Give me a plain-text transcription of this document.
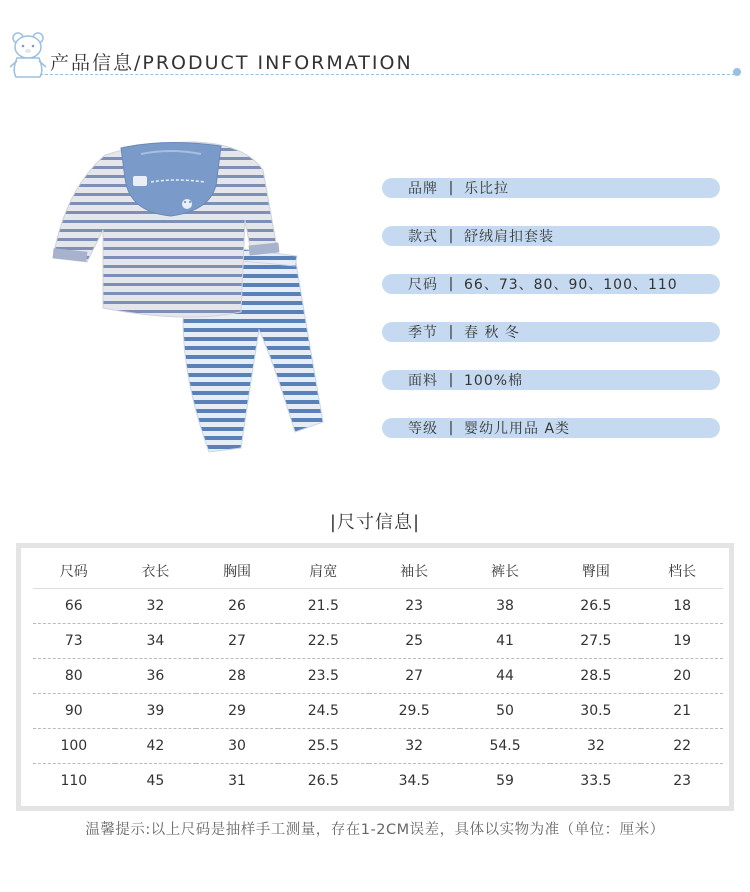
产品信息/PRODUCT INFORMATION
品牌 | 乐比拉
款式 | 舒绒肩扣套装
尺码 | 66、73、80、90、100、110
季节 | 春 秋 冬
面料 | 100%棉
等级 | 婴幼儿用品 A类
|尺寸信息|
尺码	衣长	胸围	肩宽	袖长	裤长	臀围	档长
66	32	26	21.5	23	38	26.5	18
73	34	27	22.5	25	41	27.5	19
80	36	28	23.5	27	44	28.5	20
90	39	29	24.5	29.5	50	30.5	21
100	42	30	25.5	32	54.5	32	22
110	45	31	26.5	34.5	59	33.5	23
温馨提示:以上尺码是抽样手工测量，存在1-2CM误差，具体以实物为准（单位：厘米）
